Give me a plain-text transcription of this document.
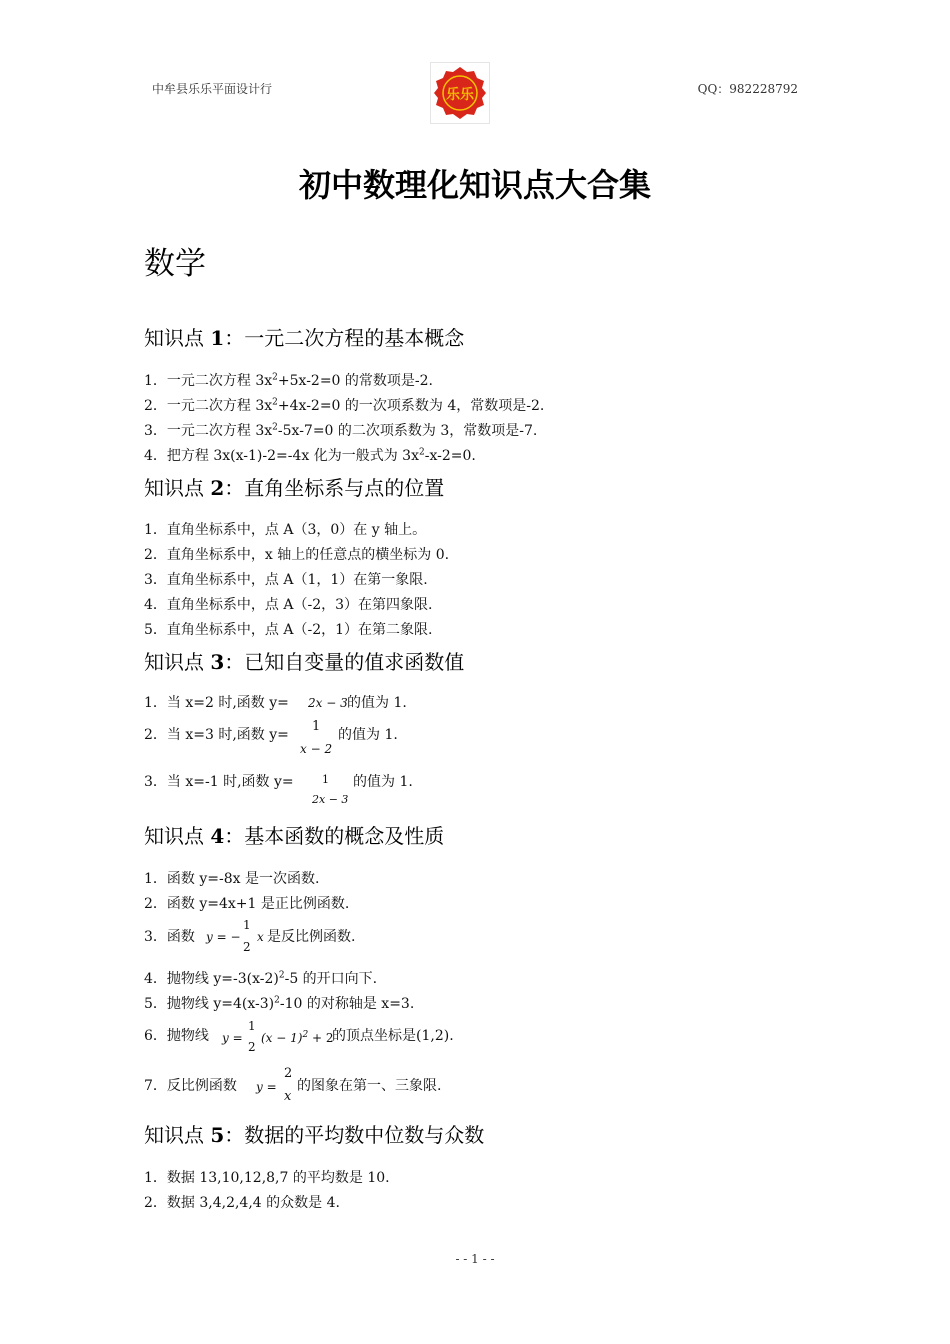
中牟县乐乐平面设计行	乐乐	QQ：982228792
初中数理化知识点大合集
数学
知识点 1：一元二次方程的基本概念
1．一元二次方程 $3x^2+5x-2=0$ 的常数项是-2.
2．一元二次方程 $3x^2+4x-2=0$ 的一次项系数为 4，常数项是-2.
3．一元二次方程 $3x^2-5x-7=0$ 的二次项系数为 3，常数项是-7.
4．把方程 3x(x-1)-2=-4x 化为一般式为 $3x^2-x-2=0$.
知识点 2：直角坐标系与点的位置
1．直角坐标系中，点 A（3，0）在 y 轴上。
2．直角坐标系中，x 轴上的任意点的横坐标为 0.
3．直角坐标系中，点 A（1，1）在第一象限.
4．直角坐标系中，点 A（-2，3）在第四象限.
5．直角坐标系中，点 A（-2，1）在第二象限.
知识点 3：已知自变量的值求函数值
1．当 x=2 时,函数 y= 2x − 3 的值为 1.
2．当 x=3 时,函数 y=
1
x − 2
的值为 1.
3．当 x=-1 时,函数 y=	1
2x − 3
的值为 1.
知识点 4：基本函数的概念及性质
1．函数 y=-8x 是一次函数.
2．函数 y=4x+1 是正比例函数.
3．函数 y = −
1
2
x 是反比例函数.
4．抛物线 $y=-3(x-2)^2-5$ 的开口向下.
5．抛物线 $y=4(x-3)^2-10$ 的对称轴是 x=3.
6．抛物线 y =
1
2
$(x - 1)^2 + 2$
的顶点坐标是(1,2).
7．反比例函数 y =
2
x
的图象在第一、三象限.
知识点 5：数据的平均数中位数与众数
1．数据 13,10,12,8,7 的平均数是 10.
2．数据 3,4,2,4,4 的众数是 4.
- - 1 - -
